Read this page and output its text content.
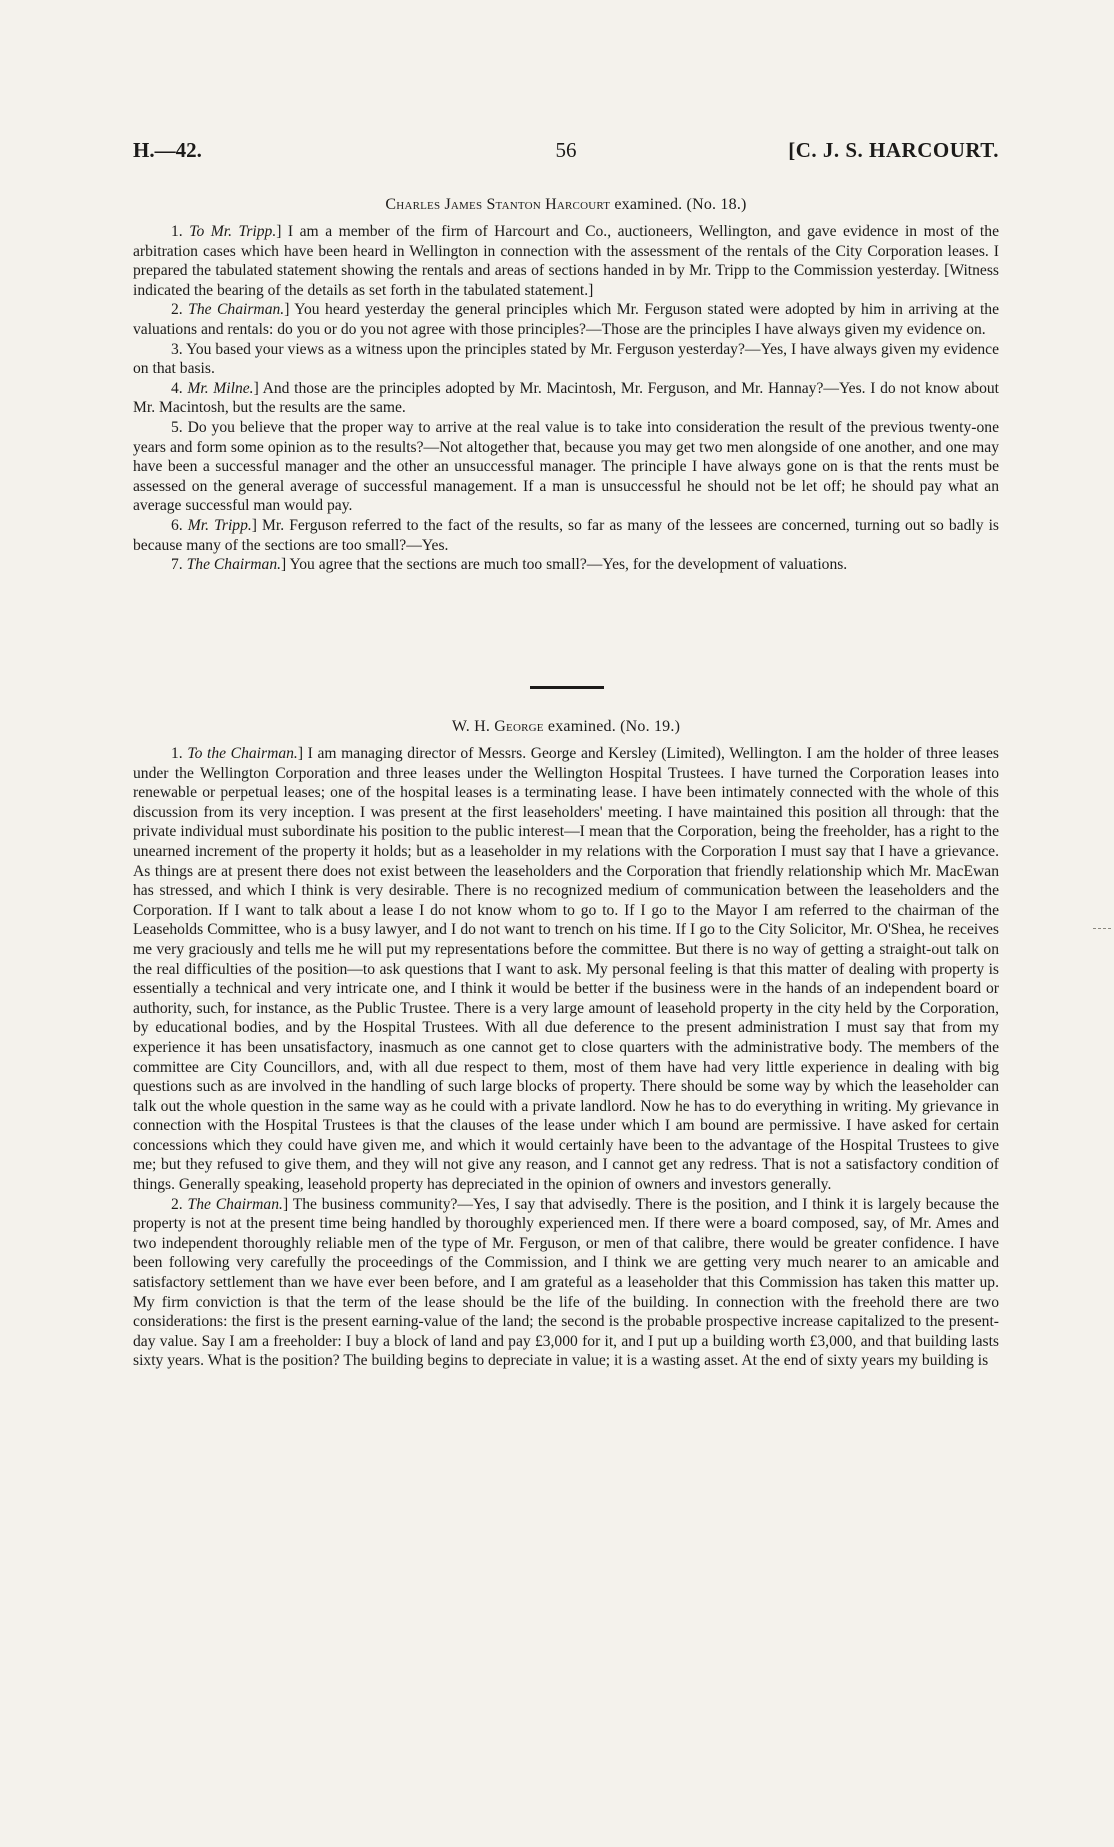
H.—42.	56	[C. J. S. HARCOURT.
Charles James Stanton Harcourt examined. (No. 18.)

1. To Mr. Tripp.] I am a member of the firm of Harcourt and Co., auctioneers, Wellington, and gave evidence in most of the arbitration cases which have been heard in Wellington in connection with the assessment of the rentals of the City Corporation leases. I prepared the tabulated statement showing the rentals and areas of sections handed in by Mr. Tripp to the Commission yesterday. [Witness indicated the bearing of the details as set forth in the tabulated statement.]

2. The Chairman.] You heard yesterday the general principles which Mr. Ferguson stated were adopted by him in arriving at the valuations and rentals: do you or do you not agree with those principles?—Those are the principles I have always given my evidence on.

3. You based your views as a witness upon the principles stated by Mr. Ferguson yesterday?—Yes, I have always given my evidence on that basis.

4. Mr. Milne.] And those are the principles adopted by Mr. Macintosh, Mr. Ferguson, and Mr. Hannay?—Yes. I do not know about Mr. Macintosh, but the results are the same.

5. Do you believe that the proper way to arrive at the real value is to take into consideration the result of the previous twenty-one years and form some opinion as to the results?—Not altogether that, because you may get two men alongside of one another, and one may have been a successful manager and the other an unsuccessful manager. The principle I have always gone on is that the rents must be assessed on the general average of successful management. If a man is unsuccessful he should not be let off; he should pay what an average successful man would pay.

6. Mr. Tripp.] Mr. Ferguson referred to the fact of the results, so far as many of the lessees are concerned, turning out so badly is because many of the sections are too small?—Yes.

7. The Chairman.] You agree that the sections are much too small?—Yes, for the development of valuations.

W. H. George examined. (No. 19.)

1. To the Chairman.] I am managing director of Messrs. George and Kersley (Limited), Wellington. I am the holder of three leases under the Wellington Corporation and three leases under the Wellington Hospital Trustees. I have turned the Corporation leases into renewable or perpetual leases; one of the hospital leases is a terminating lease. I have been intimately connected with the whole of this discussion from its very inception. I was present at the first leaseholders' meeting. I have maintained this position all through: that the private individual must subordinate his position to the public interest—I mean that the Corporation, being the freeholder, has a right to the unearned increment of the property it holds; but as a leaseholder in my relations with the Corporation I must say that I have a grievance. As things are at present there does not exist between the leaseholders and the Corporation that friendly relationship which Mr. MacEwan has stressed, and which I think is very desirable. There is no recognized medium of communication between the leaseholders and the Corporation. If I want to talk about a lease I do not know whom to go to. If I go to the Mayor I am referred to the chairman of the Leaseholds Committee, who is a busy lawyer, and I do not want to trench on his time. If I go to the City Solicitor, Mr. O'Shea, he receives me very graciously and tells me he will put my representations before the committee. But there is no way of getting a straight-out talk on the real difficulties of the position—to ask questions that I want to ask. My personal feeling is that this matter of dealing with property is essentially a technical and very intricate one, and I think it would be better if the business were in the hands of an independent board or authority, such, for instance, as the Public Trustee. There is a very large amount of leasehold property in the city held by the Corporation, by educational bodies, and by the Hospital Trustees. With all due deference to the present administration I must say that from my experience it has been unsatisfactory, inasmuch as one cannot get to close quarters with the administrative body. The members of the committee are City Councillors, and, with all due respect to them, most of them have had very little experience in dealing with big questions such as are involved in the handling of such large blocks of property. There should be some way by which the leaseholder can talk out the whole question in the same way as he could with a private landlord. Now he has to do everything in writing. My grievance in connection with the Hospital Trustees is that the clauses of the lease under which I am bound are permissive. I have asked for certain concessions which they could have given me, and which it would certainly have been to the advantage of the Hospital Trustees to give me; but they refused to give them, and they will not give any reason, and I cannot get any redress. That is not a satisfactory condition of things. Generally speaking, leasehold property has depreciated in the opinion of owners and investors generally.

2. The Chairman.] The business community?—Yes, I say that advisedly. There is the position, and I think it is largely because the property is not at the present time being handled by thoroughly experienced men. If there were a board composed, say, of Mr. Ames and two independent thoroughly reliable men of the type of Mr. Ferguson, or men of that calibre, there would be greater confidence. I have been following very carefully the proceedings of the Commission, and I think we are getting very much nearer to an amicable and satisfactory settlement than we have ever been before, and I am grateful as a leaseholder that this Commission has taken this matter up. My firm conviction is that the term of the lease should be the life of the building. In connection with the freehold there are two considerations: the first is the present earning-value of the land; the second is the probable prospective increase capitalized to the present-day value. Say I am a freeholder: I buy a block of land and pay £3,000 for it, and I put up a building worth £3,000, and that building lasts sixty years. What is the position? The building begins to depreciate in value; it is a wasting asset. At the end of sixty years my building is
